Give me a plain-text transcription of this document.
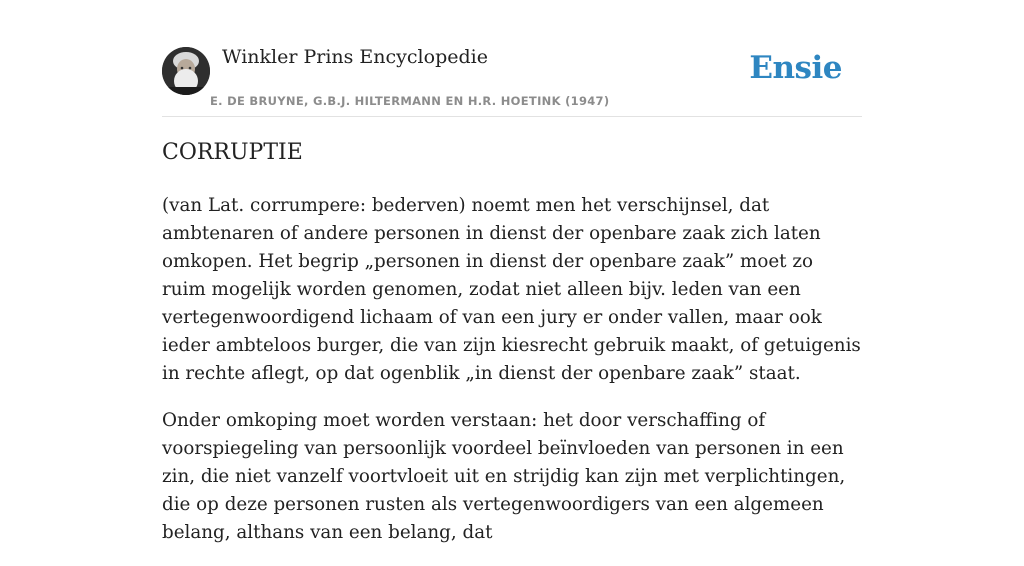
Winkler Prins Encyclopedie
E. DE BRUYNE, G.B.J. HILTERMANN EN H.R. HOETINK (1947)
Ensie
CORRUPTIE

(van Lat. corrumpere: bederven) noemt men het verschijnsel, dat ambtenaren of andere personen in dienst der openbare zaak zich laten omkopen. Het begrip „personen in dienst der openbare zaak” moet zo ruim mogelijk worden genomen, zodat niet alleen bijv. leden van een vertegenwoordigend lichaam of van een jury er onder vallen, maar ook ieder ambteloos burger, die van zijn kiesrecht gebruik maakt, of getuigenis in rechte aflegt, op dat ogenblik „in dienst der openbare zaak” staat.

Onder omkoping moet worden verstaan: het door verschaffing of voorspiegeling van persoonlijk voordeel beïnvloeden van personen in een zin, die niet vanzelf voortvloeit uit en strijdig kan zijn met verplichtingen, die op deze personen rusten als vertegenwoordigers van een algemeen belang, althans van een belang, dat
